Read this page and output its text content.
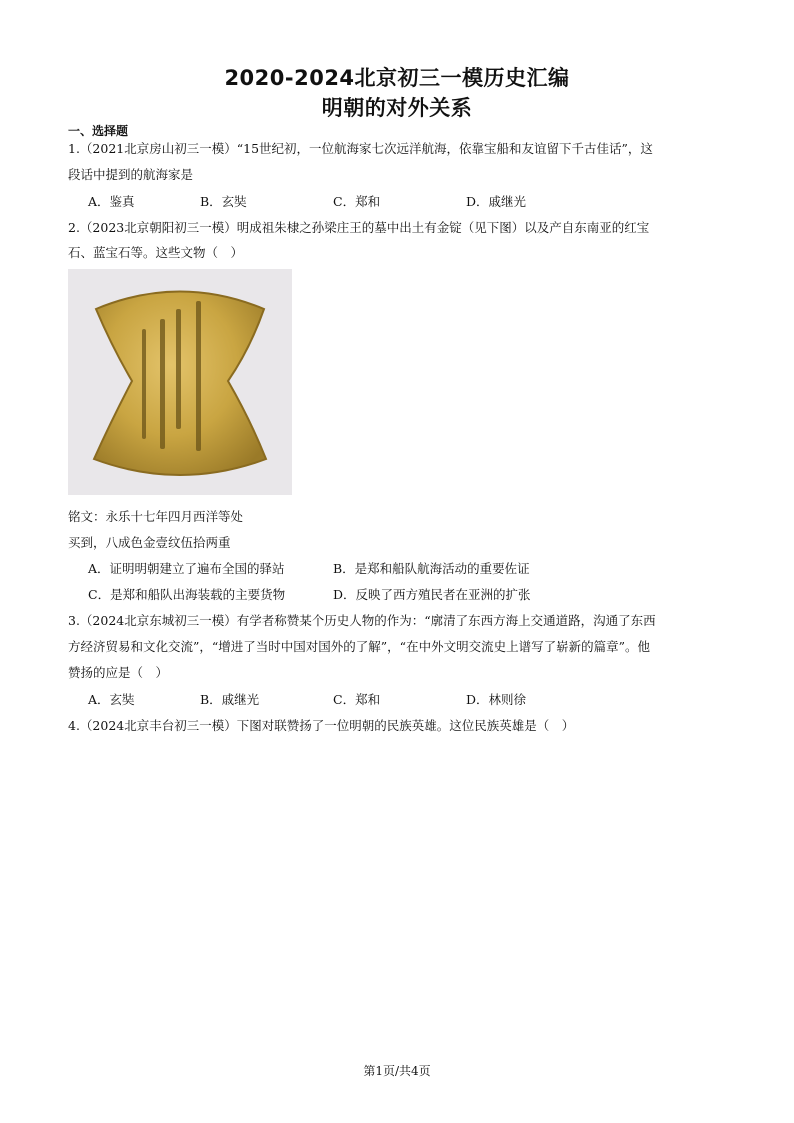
2020-2024北京初三一模历史汇编
明朝的对外关系
一、选择题
1.（2021北京房山初三一模）“15世纪初，一位航海家七次远洋航海，依靠宝船和友谊留下千古佳话”，这
段话中提到的航海家是
A．鉴真	B．玄奘	C．郑和	D．戚继光
2.（2023北京朝阳初三一模）明成祖朱棣之孙梁庄王的墓中出土有金锭（见下图）以及产自东南亚的红宝
石、蓝宝石等。这些文物（　）
铭文：永乐十七年四月西洋等处
买到，八成色金壹纹伍拾两重
A．证明明朝建立了遍布全国的驿站	B．是郑和船队航海活动的重要佐证
C．是郑和船队出海装载的主要货物	D．反映了西方殖民者在亚洲的扩张
3.（2024北京东城初三一模）有学者称赞某个历史人物的作为：“廓清了东西方海上交通道路，沟通了东西
方经济贸易和文化交流”，“增进了当时中国对国外的了解”，“在中外文明交流史上谱写了崭新的篇章”。他
赞扬的应是（　）
A．玄奘	B．戚继光	C．郑和	D．林则徐
4.（2024北京丰台初三一模）下图对联赞扬了一位明朝的民族英雄。这位民族英雄是（　）
第1页/共4页
